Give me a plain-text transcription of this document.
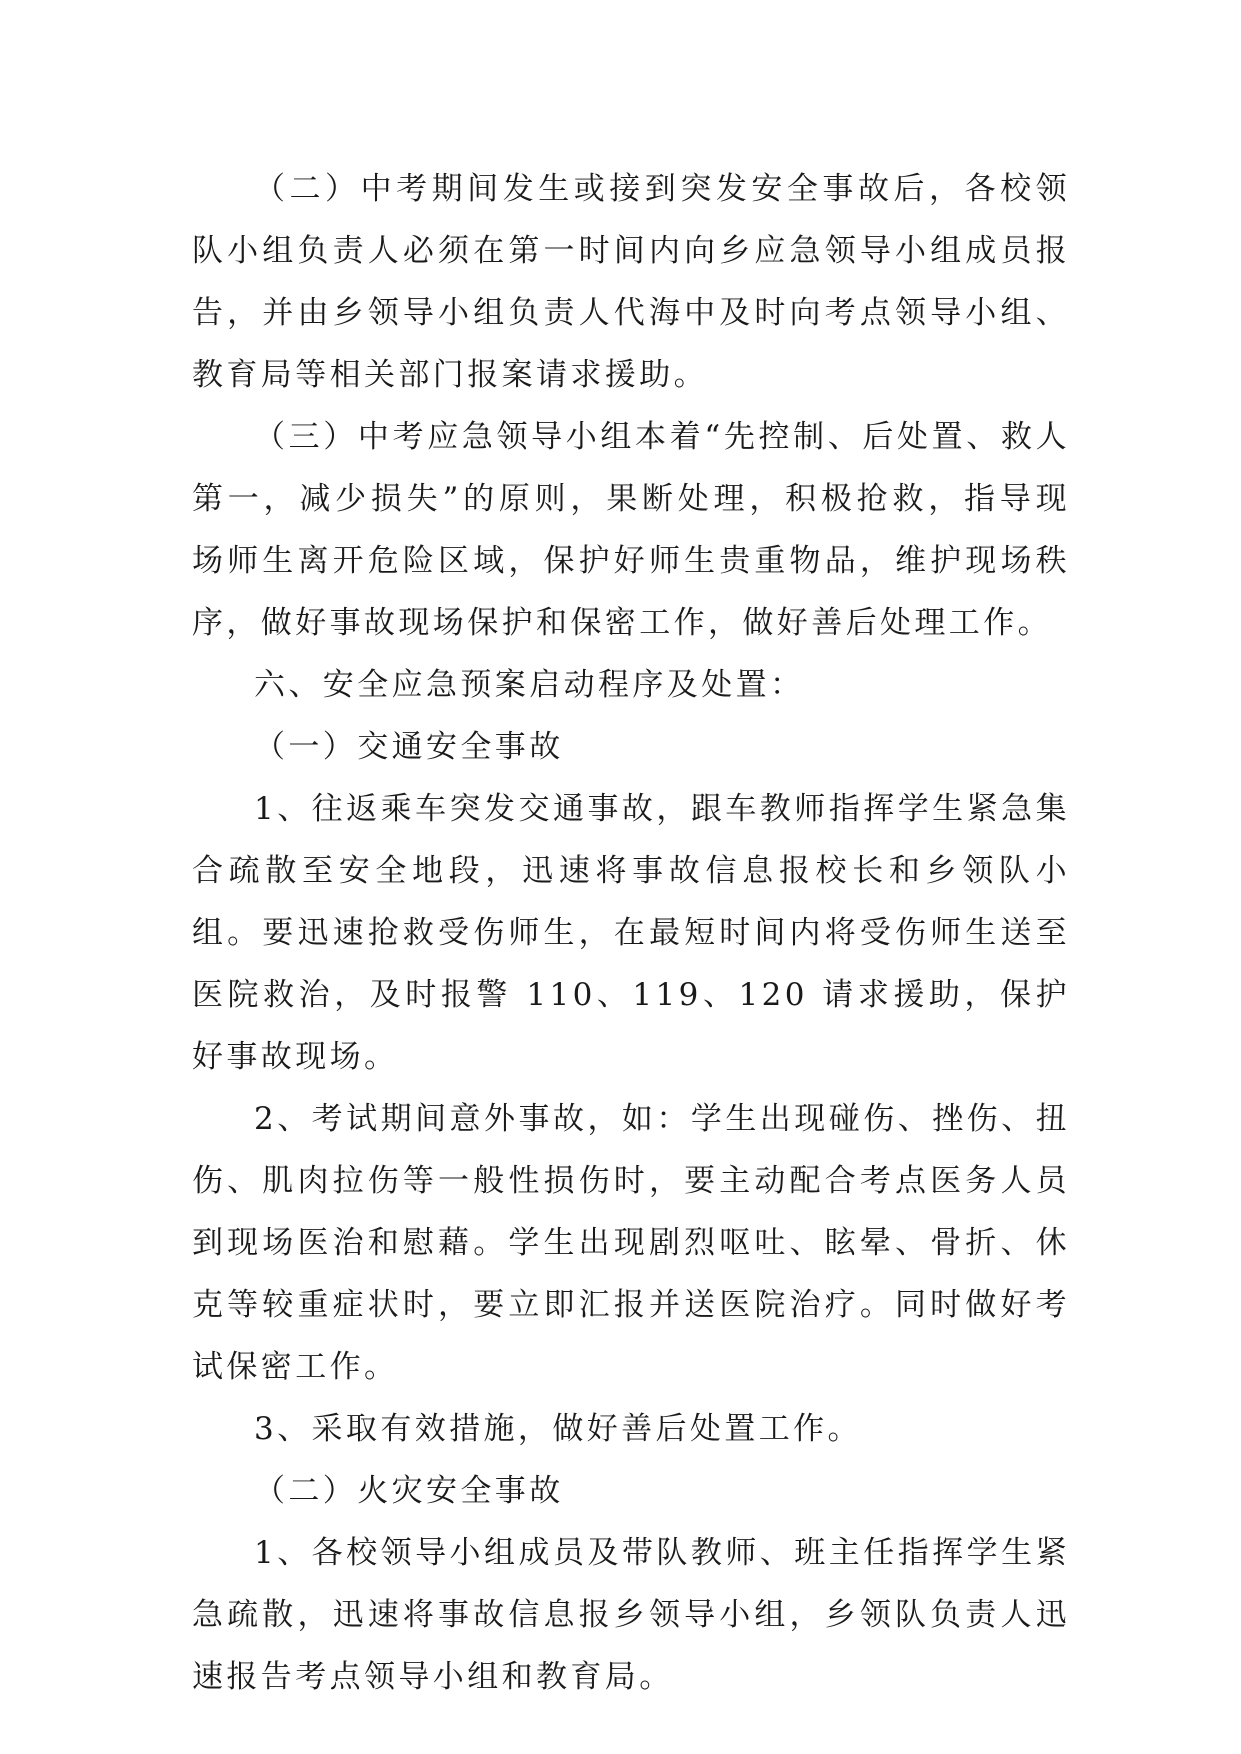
（二）中考期间发生或接到突发安全事故后，各校领队小组负责人必须在第一时间内向乡应急领导小组成员报告，并由乡领导小组负责人代海中及时向考点领导小组、教育局等相关部门报案请求援助。

（三）中考应急领导小组本着“先控制、后处置、救人第一，减少损失”的原则，果断处理，积极抢救，指导现场师生离开危险区域，保护好师生贵重物品，维护现场秩序，做好事故现场保护和保密工作，做好善后处理工作。

六、安全应急预案启动程序及处置：

（一）交通安全事故

1、往返乘车突发交通事故，跟车教师指挥学生紧急集合疏散至安全地段，迅速将事故信息报校长和乡领队小组。要迅速抢救受伤师生，在最短时间内将受伤师生送至医院救治，及时报警 110、119、120 请求援助，保护好事故现场。

2、考试期间意外事故，如：学生出现碰伤、挫伤、扭伤、肌肉拉伤等一般性损伤时，要主动配合考点医务人员到现场医治和慰藉。学生出现剧烈呕吐、眩晕、骨折、休克等较重症状时，要立即汇报并送医院治疗。同时做好考试保密工作。

3、采取有效措施，做好善后处置工作。

（二）火灾安全事故

1、各校领导小组成员及带队教师、班主任指挥学生紧急疏散，迅速将事故信息报乡领导小组，乡领队负责人迅速报告考点领导小组和教育局。
